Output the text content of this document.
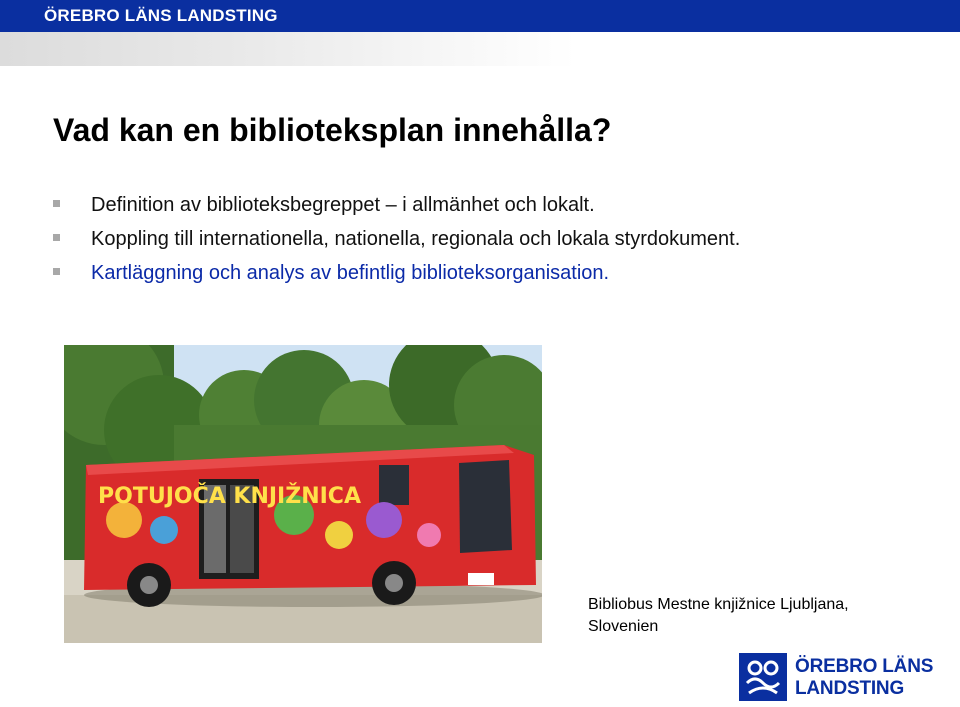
ÖREBRO LÄNS LANDSTING
Vad kan en biblioteksplan innehålla?
Definition av biblioteksbegreppet – i allmänhet och lokalt.
Koppling till internationella, nationella, regionala och lokala styrdokument.
Kartläggning och analys av befintlig biblioteksorganisation.
POTUJOČA KNJIŽNICA
Bibliobus Mestne knjižnice Ljubljana,
Slovenien
ÖREBRO LÄNS
LANDSTING
